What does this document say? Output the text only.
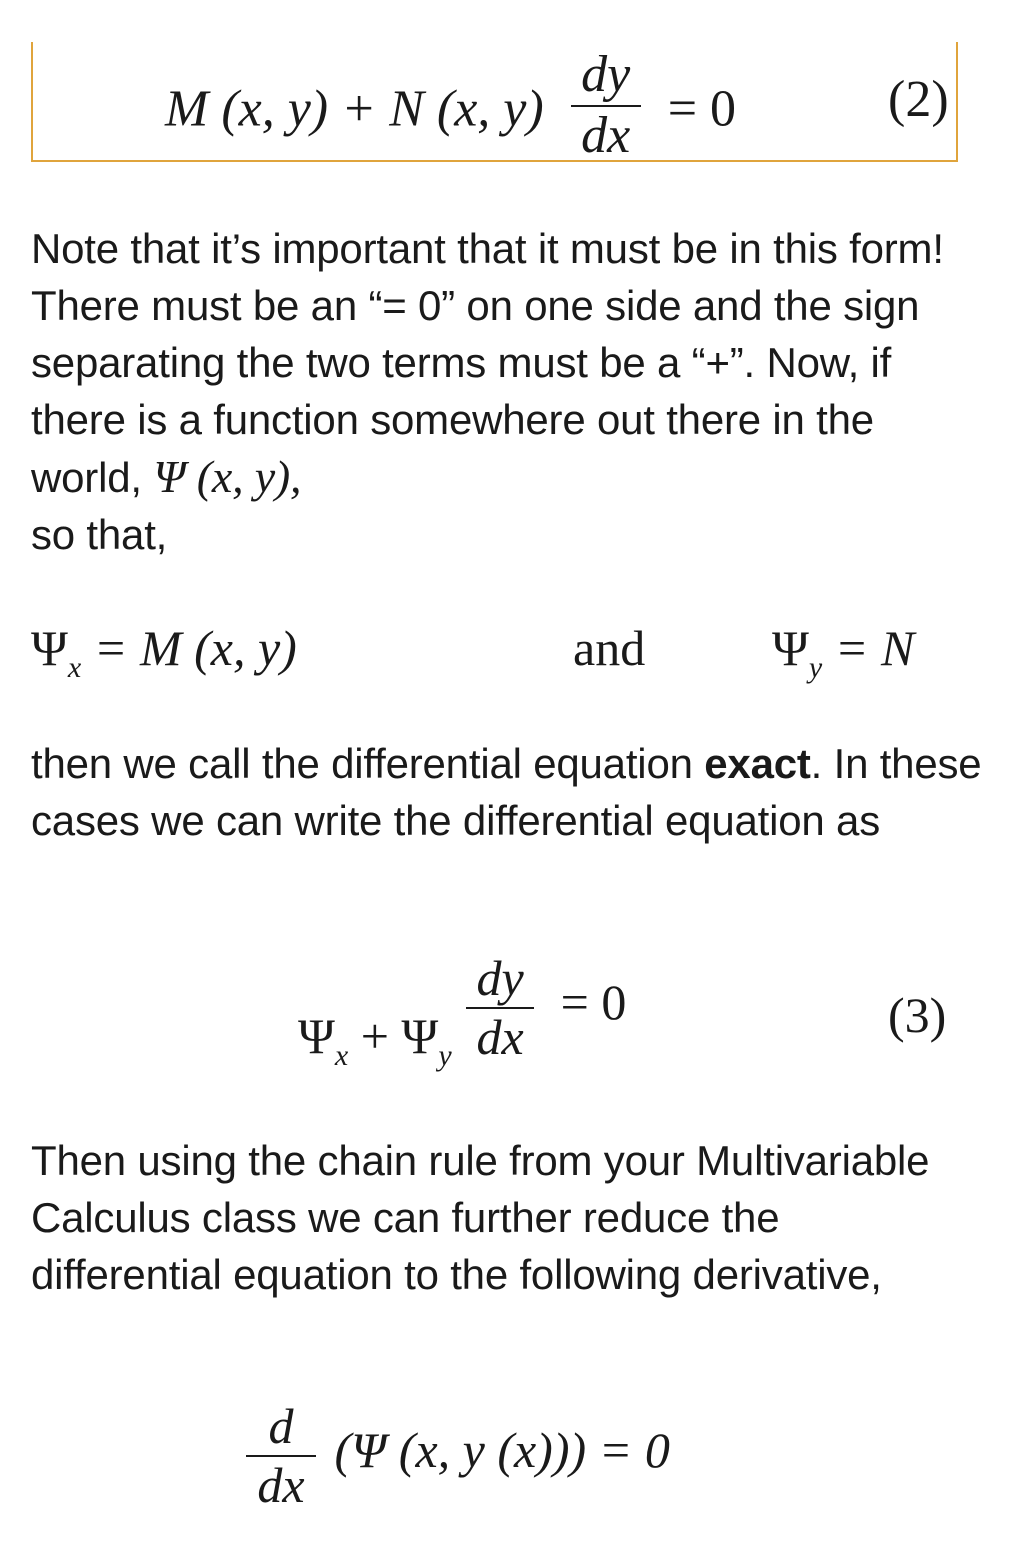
M (x, y) + N (x, $y) \frac{dy}{dx} = 0$	(2)
Note that it’s important that it must be in this form! There must be an “= 0” on one side and the sign separating the two terms must be a “+”. Now, if there is a function somewhere out there in the world, Ψ (x, y),
so that,
$\Psi_x = M$ (x, y)	and	$\Psi_y = N$
then we call the differential equation exact. In these cases we can write the differential equation as
$\Psi_x + \Psi_y \frac{dy}{dx} = 0$	(3)
Then using the chain rule from your Multivariable Calculus class we can further reduce the differential equation to the following derivative,
$\frac{d}{dx} (\Psi$ (x, y (x))) = 0
